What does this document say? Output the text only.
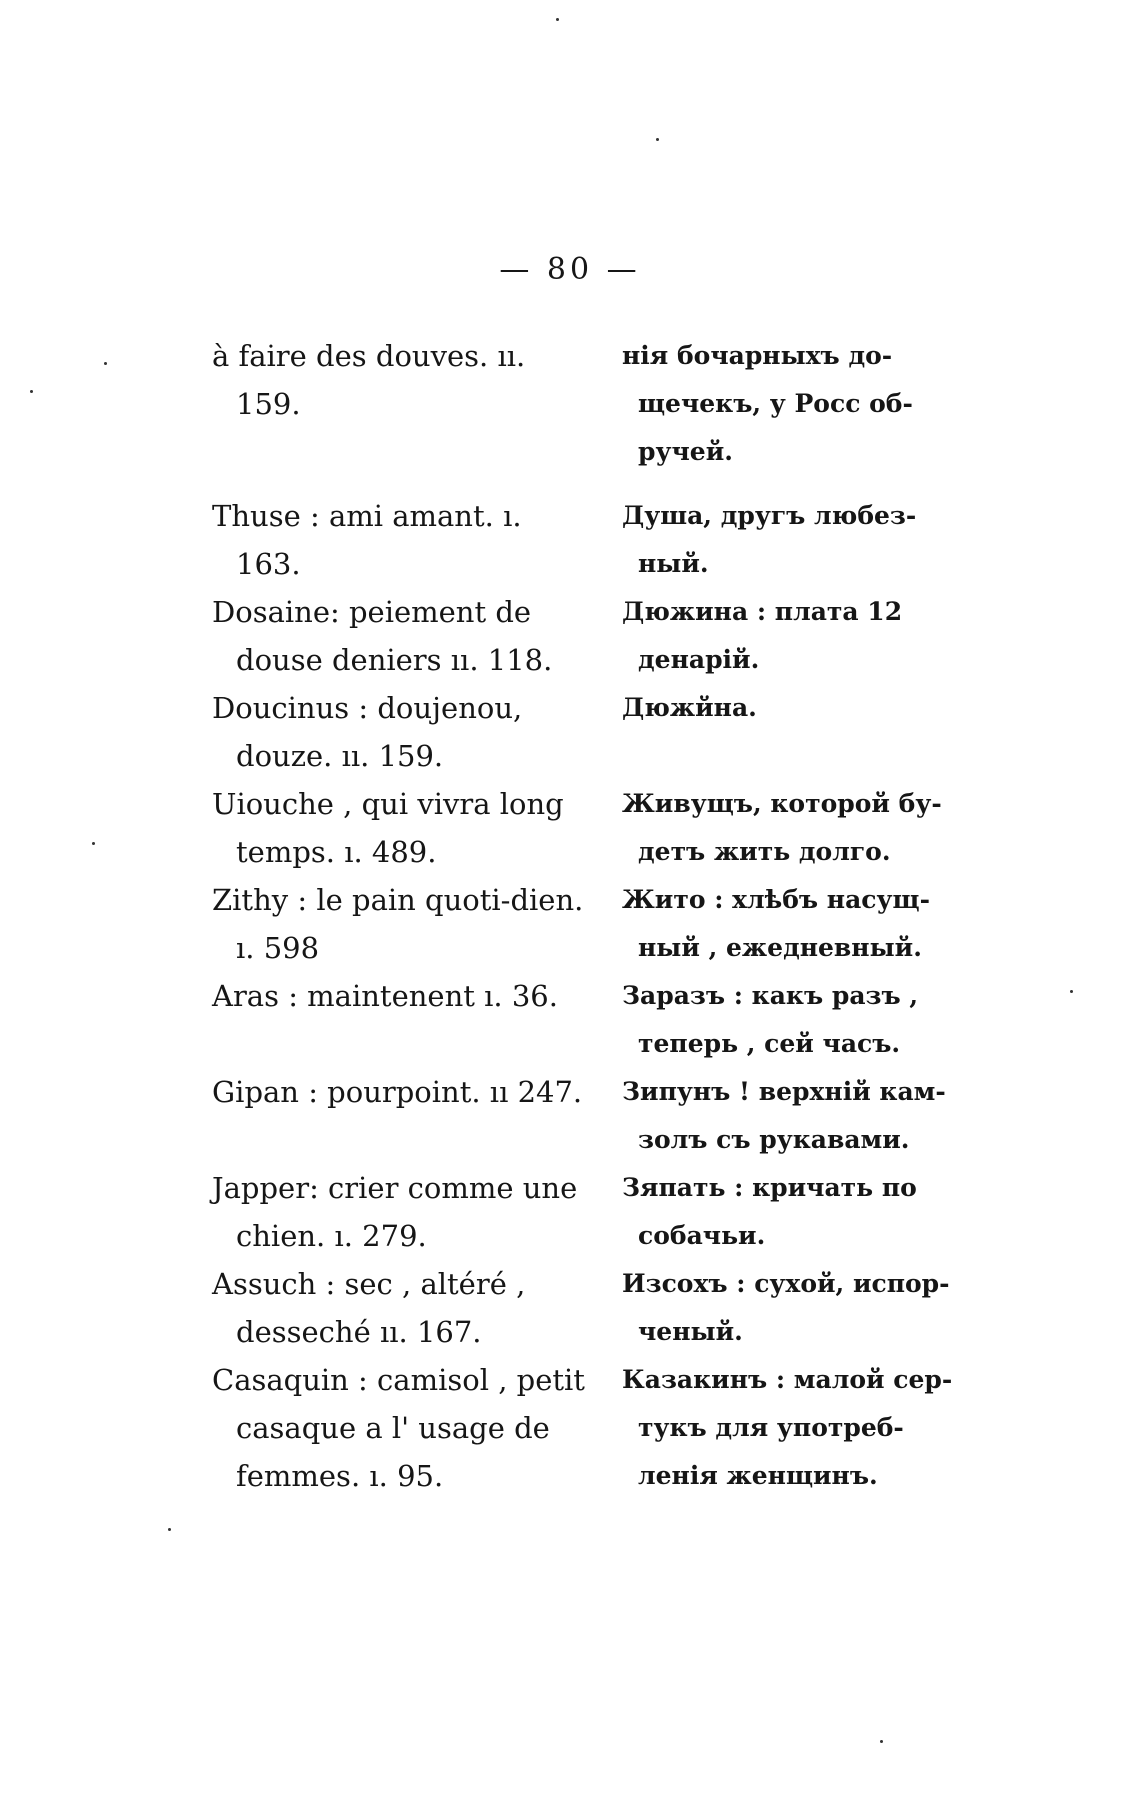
— 80 —
à faire des douves. ıı. 159.
нія бочарныхъ до-щечекъ, у Росс об-ручей.
Thuse : ami amant. ı. 163.
Душа, другъ любез-ный.
Dosaine: peiement de douse deniers ıı. 118.
Дюжина : плата 12 денарій.
Doucinus : doujenou, douze. ıı. 159.
Дюжйна.
Uiouche , qui vivra long temps. ı. 489.
Живущъ, которой бу-детъ жить долго.
Zithy : le pain quoti-dien. ı. 598
Жито : хлѣбъ насущ-ный , ежедневный.
Aras : maintenent ı. 36.	Заразъ : какъ разъ , теперь , сей часъ.
Gipan : pourpoint. ıı 247.	Зипунъ ! верхній кам-золъ съ рукавами.
Japper: crier comme une chien. ı. 279.
Зяпать : кричать по собачьи.
Assuch : sec , altéré , desseché ıı. 167.
Изсохъ : сухой, испор-ченый.
Casaquin : camisol , petit casaque a l' usage de femmes. ı. 95.
Казакинъ : малой сер-тукъ для употреб-ленія женщинъ.
